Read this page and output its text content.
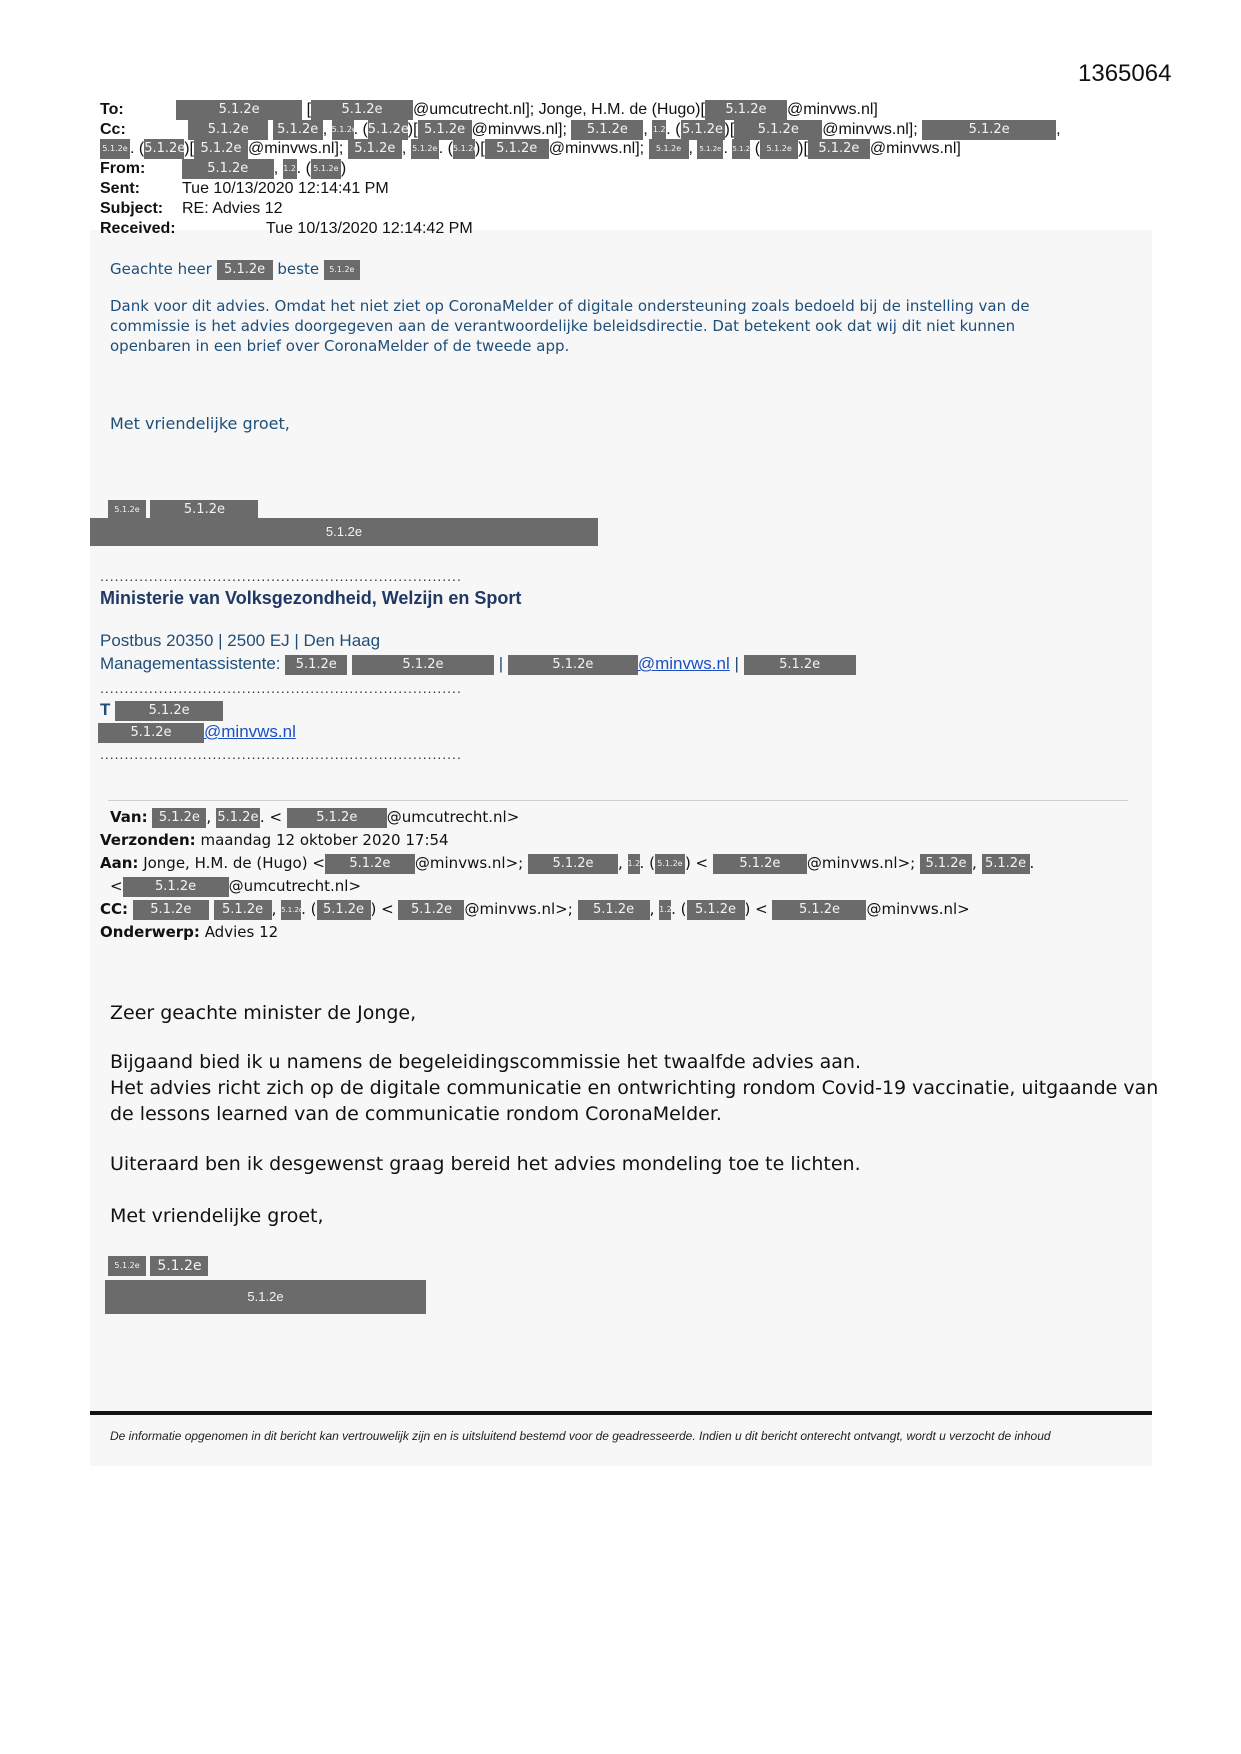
1365064
To:	5.1.2e	[ 5.1.2e @umcutrecht.nl]; Jonge, H.M. de (Hugo)[ 5.1.2e @minvws.nl]
Cc:	5.1.2e 5.1.2e , 5.1.2e. (5.1.2e)[ 5.1.2e @minvws.nl]; 5.1.2e , 1.2. (5.1.2e)[ 5.1.2e @minvws.nl];	5.1.2e	,
5.1.2e . (5.1.2e)[ 5.1.2e @minvws.nl]; 5.1.2e , 5.1.2e. (5.1.2e)[ 5.1.2e @minvws.nl]; 5.1.2e , 5.1.2e . 5.1.2e ( 5.1.2e )[ 5.1.2e @minvws.nl]
From:	5.1.2e , 1.2. ( 5.1.2e )
Sent:	Tue 10/13/2020 12:14:41 PM
Subject: RE: Advies 12
Received:	Tue 10/13/2020 12:14:42 PM
Geachte heer 5.1.2e beste 5.1.2e
Dank voor dit advies. Omdat het niet ziet op CoronaMelder of digitale ondersteuning zoals bedoeld bij de instelling van de
commissie is het advies doorgegeven aan de verantwoordelijke beleidsdirectie. Dat betekent ook dat wij dit niet kunnen
openbaren in een brief over CoronaMelder of de tweede app.
Met vriendelijke groet,
5.1.2e	5.1.2e
5.1.2e
..........................................................................
Ministerie van Volksgezondheid, Welzijn en Sport
Postbus 20350 | 2500 EJ | Den Haag
Managementassistente: 5.1.2e	5.1.2e	|	5.1.2e	@minvws.nl |	5.1.2e
..........................................................................
T	5.1.2e
5.1.2e @minvws.nl
..........................................................................
Van: 5.1.2e , 5.1.2e. < 5.1.2e @umcutrecht.nl>
Verzonden: maandag 12 oktober 2020 17:54
Aan: Jonge, H.M. de (Hugo) < 5.1.2e @minvws.nl>; 5.1.2e , 1.2. ( 5.1.2e ) < 5.1.2e @minvws.nl>; 5.1.2e , 5.1.2e .
< 5.1.2e @umcutrecht.nl>
CC: 5.1.2e 5.1.2e , 5.1.2e. ( 5.1.2e ) < 5.1.2e @minvws.nl>; 5.1.2e , 1.2. ( 5.1.2e ) < 5.1.2e @minvws.nl>
Onderwerp: Advies 12
Zeer geachte minister de Jonge,
Bijgaand bied ik u namens de begeleidingscommissie het twaalfde advies aan.
Het advies richt zich op de digitale communicatie en ontwrichting rondom Covid-19 vaccinatie, uitgaande van
de lessons learned van de communicatie rondom CoronaMelder.
Uiteraard ben ik desgewenst graag bereid het advies mondeling toe te lichten.
Met vriendelijke groet,
5.1.2e 5.1.2e
5.1.2e
De informatie opgenomen in dit bericht kan vertrouwelijk zijn en is uitsluitend bestemd voor de geadresseerde. Indien u dit bericht onterecht ontvangt, wordt u verzocht de inhoud
